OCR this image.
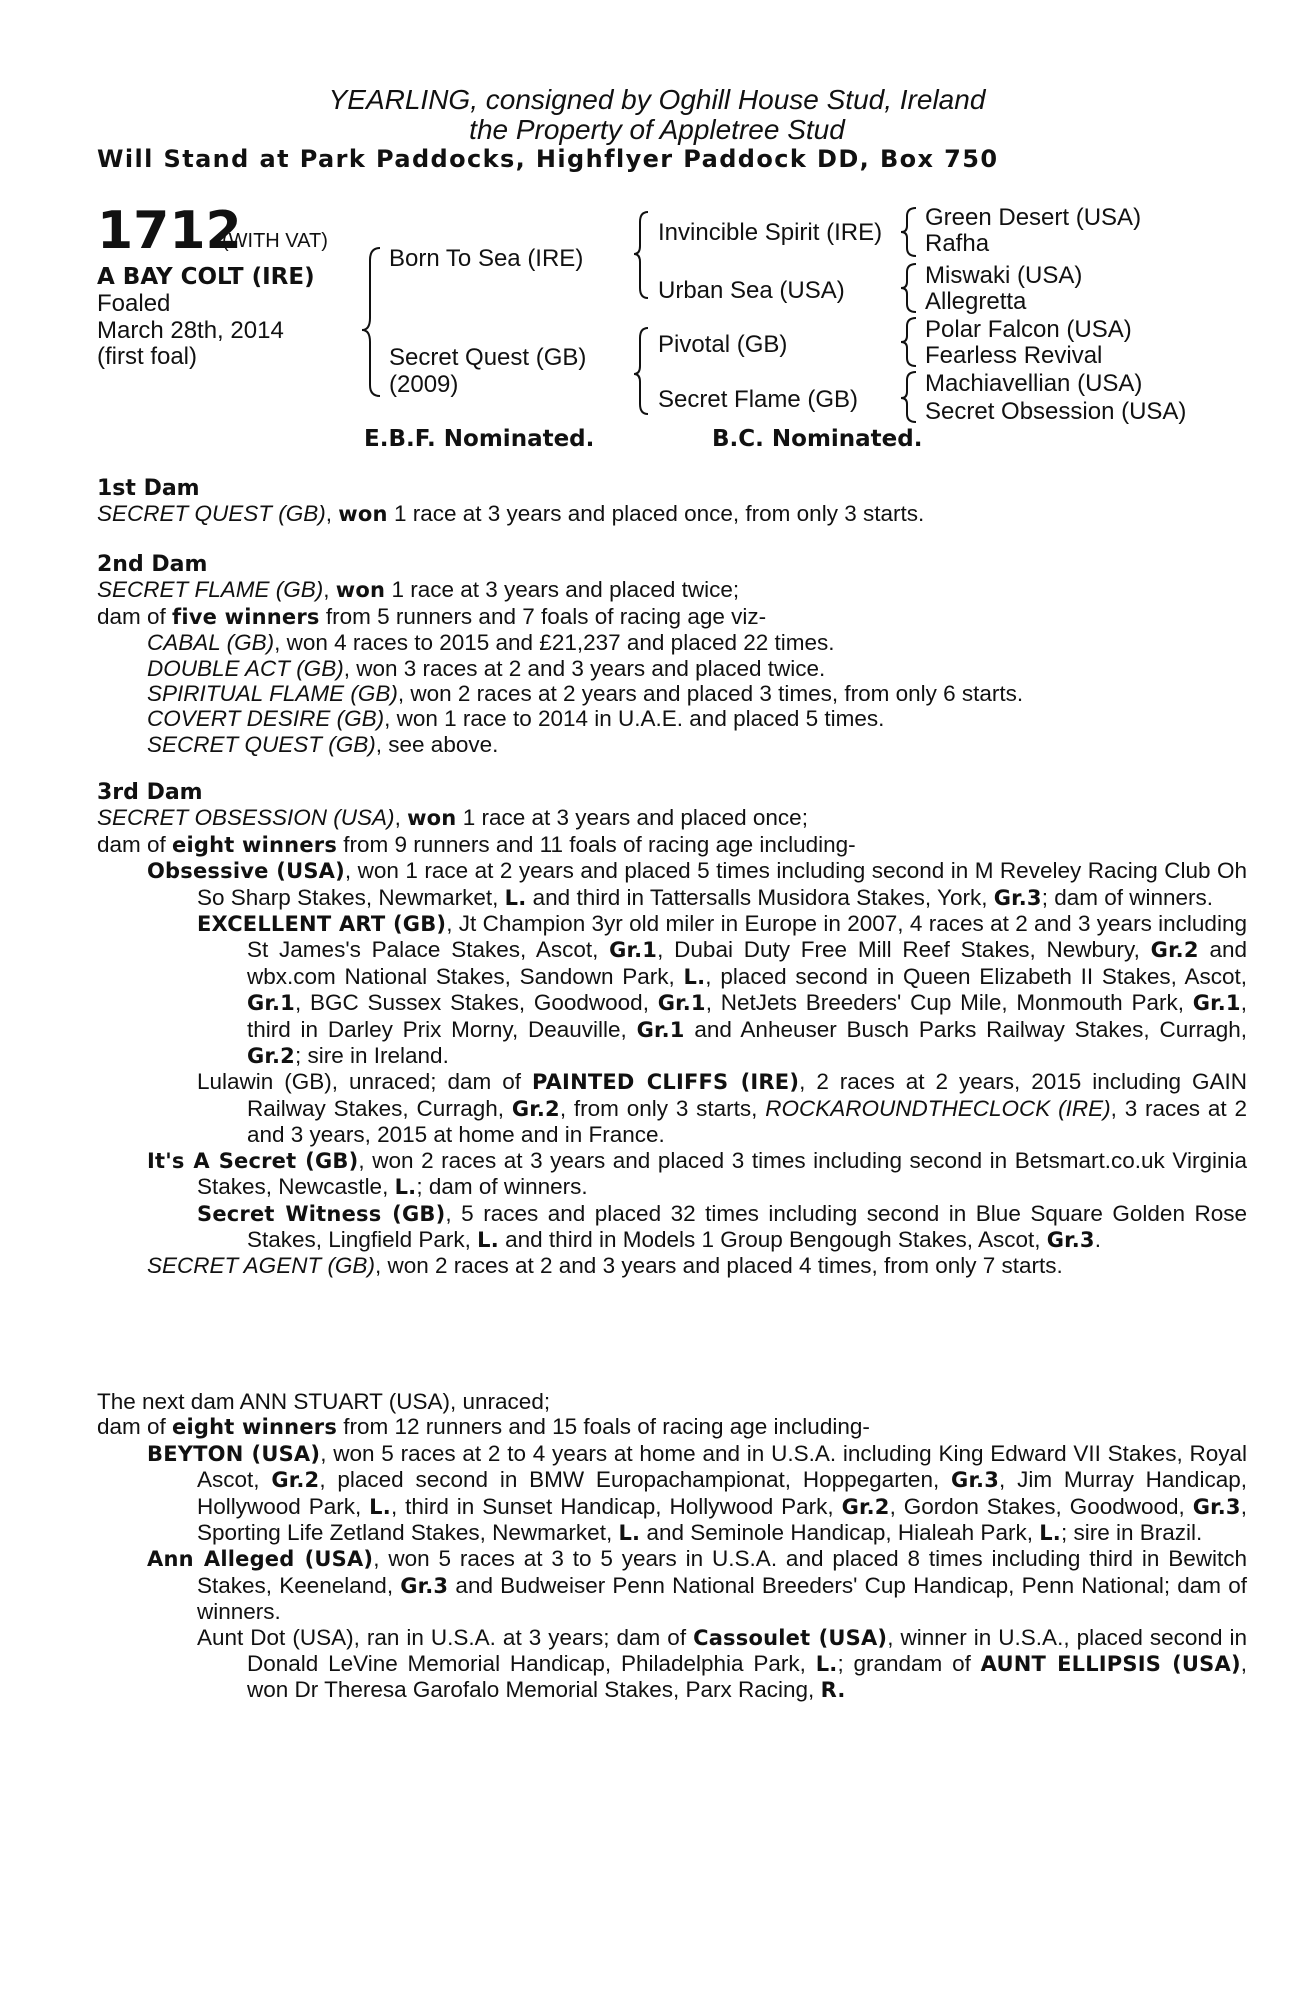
YEARLING, consigned by Oghill House Stud, Ireland
the Property of Appletree Stud
Will Stand at Park Paddocks, Highflyer Paddock DD, Box 750
1712
(WITH VAT)
A BAY COLT (IRE)
Foaled
March 28th, 2014
(first foal)
Born To Sea (IRE)
Secret Quest (GB)
(2009)
Invincible Spirit (IRE)
Urban Sea (USA)
Pivotal (GB)
Secret Flame (GB)
Green Desert (USA)
Rafha
Miswaki (USA)
Allegretta
Polar Falcon (USA)
Fearless Revival
Machiavellian (USA)
Secret Obsession (USA)
E.B.F. Nominated.	B.C. Nominated.
1st Dam
SECRET QUEST (GB), won 1 race at 3 years and placed once, from only 3 starts.
2nd Dam
SECRET FLAME (GB), won 1 race at 3 years and placed twice;
dam of five winners from 5 runners and 7 foals of racing age viz-
CABAL (GB), won 4 races to 2015 and £21,237 and placed 22 times.
DOUBLE ACT (GB), won 3 races at 2 and 3 years and placed twice.
SPIRITUAL FLAME (GB), won 2 races at 2 years and placed 3 times, from only 6 starts.
COVERT DESIRE (GB), won 1 race to 2014 in U.A.E. and placed 5 times.
SECRET QUEST (GB), see above.
3rd Dam
SECRET OBSESSION (USA), won 1 race at 3 years and placed once;
dam of eight winners from 9 runners and 11 foals of racing age including-
Obsessive (USA), won 1 race at 2 years and placed 5 times including second in M Reveley Racing Club Oh So Sharp Stakes, Newmarket, L. and third in Tattersalls Musidora Stakes, York, Gr.3; dam of winners.
EXCELLENT ART (GB), Jt Champion 3yr old miler in Europe in 2007, 4 races at 2 and 3 years including St James's Palace Stakes, Ascot, Gr.1, Dubai Duty Free Mill Reef Stakes, Newbury, Gr.2 and wbx.com National Stakes, Sandown Park, L., placed second in Queen Elizabeth II Stakes, Ascot, Gr.1, BGC Sussex Stakes, Goodwood, Gr.1, NetJets Breeders' Cup Mile, Monmouth Park, Gr.1, third in Darley Prix Morny, Deauville, Gr.1 and Anheuser Busch Parks Railway Stakes, Curragh, Gr.2; sire in Ireland.
Lulawin (GB), unraced; dam of PAINTED CLIFFS (IRE), 2 races at 2 years, 2015 including GAIN Railway Stakes, Curragh, Gr.2, from only 3 starts, ROCKAROUNDTHECLOCK (IRE), 3 races at 2 and 3 years, 2015 at home and in France.
It's A Secret (GB), won 2 races at 3 years and placed 3 times including second in Betsmart.co.uk Virginia Stakes, Newcastle, L.; dam of winners.
Secret Witness (GB), 5 races and placed 32 times including second in Blue Square Golden Rose Stakes, Lingfield Park, L. and third in Models 1 Group Bengough Stakes, Ascot, Gr.3.
SECRET AGENT (GB), won 2 races at 2 and 3 years and placed 4 times, from only 7 starts.
The next dam ANN STUART (USA), unraced;
dam of eight winners from 12 runners and 15 foals of racing age including-
BEYTON (USA), won 5 races at 2 to 4 years at home and in U.S.A. including King Edward VII Stakes, Royal Ascot, Gr.2, placed second in BMW Europachampionat, Hoppegarten, Gr.3, Jim Murray Handicap, Hollywood Park, L., third in Sunset Handicap, Hollywood Park, Gr.2, Gordon Stakes, Goodwood, Gr.3, Sporting Life Zetland Stakes, Newmarket, L. and Seminole Handicap, Hialeah Park, L.; sire in Brazil.
Ann Alleged (USA), won 5 races at 3 to 5 years in U.S.A. and placed 8 times including third in Bewitch Stakes, Keeneland, Gr.3 and Budweiser Penn National Breeders' Cup Handicap, Penn National; dam of winners.
Aunt Dot (USA), ran in U.S.A. at 3 years; dam of Cassoulet (USA), winner in U.S.A., placed second in Donald LeVine Memorial Handicap, Philadelphia Park, L.; grandam of AUNT ELLIPSIS (USA), won Dr Theresa Garofalo Memorial Stakes, Parx Racing, R.
